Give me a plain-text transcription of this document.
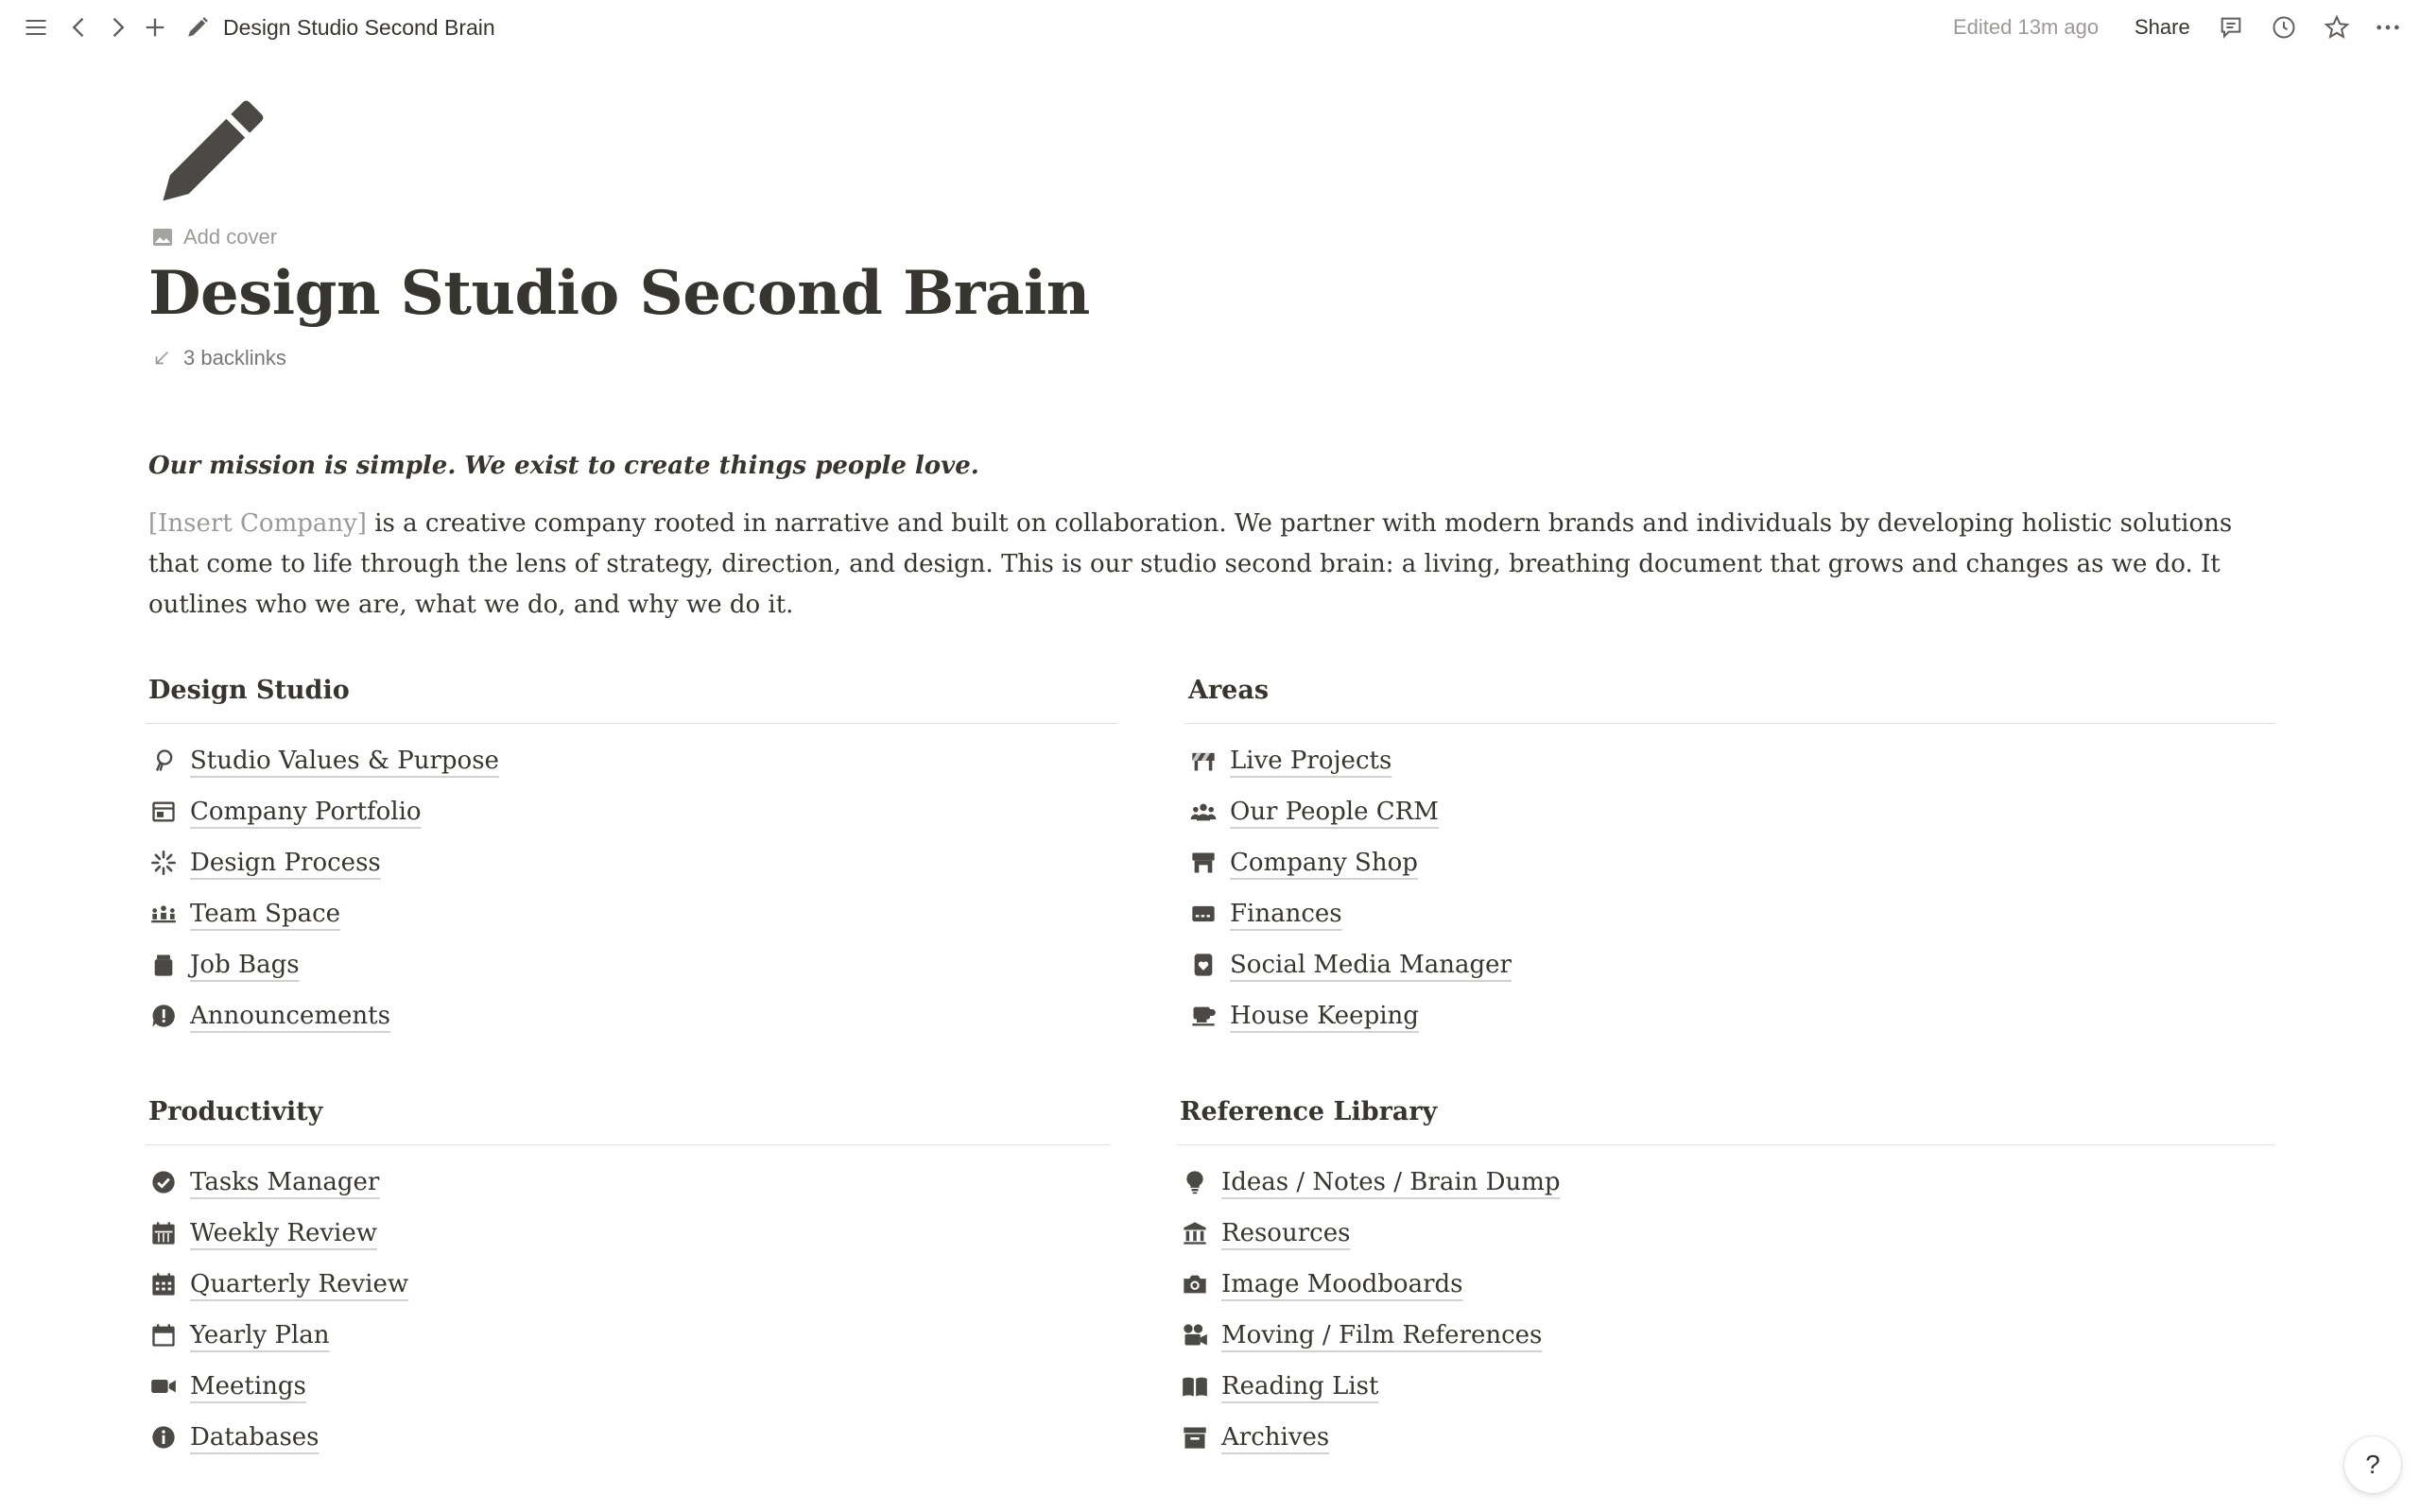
Design Studio Second Brain	Edited 13m ago Share
Add cover
Design Studio Second Brain
3 backlinks
Our mission is simple. We exist to create things people love.

[Insert Company] is a creative company rooted in narrative and built on collaboration. We partner with modern brands and individuals by developing holistic solutions that come to life through the lens of strategy, direction, and design. This is our studio second brain: a living, breathing document that grows and changes as we do. It outlines who we are, what we do, and why we do it.

Design Studio
Studio Values & Purpose
Company Portfolio
Design Process
Team Space
Job Bags
Announcements
Areas
Live Projects
Our People CRM
Company Shop
Finances
Social Media Manager
House Keeping
Productivity
Tasks Manager
Weekly Review
Quarterly Review
Yearly Plan
Meetings
Databases
Reference Library
Ideas / Notes / Brain Dump
Resources
Image Moodboards
Moving / Film References
Reading List
Archives
?
